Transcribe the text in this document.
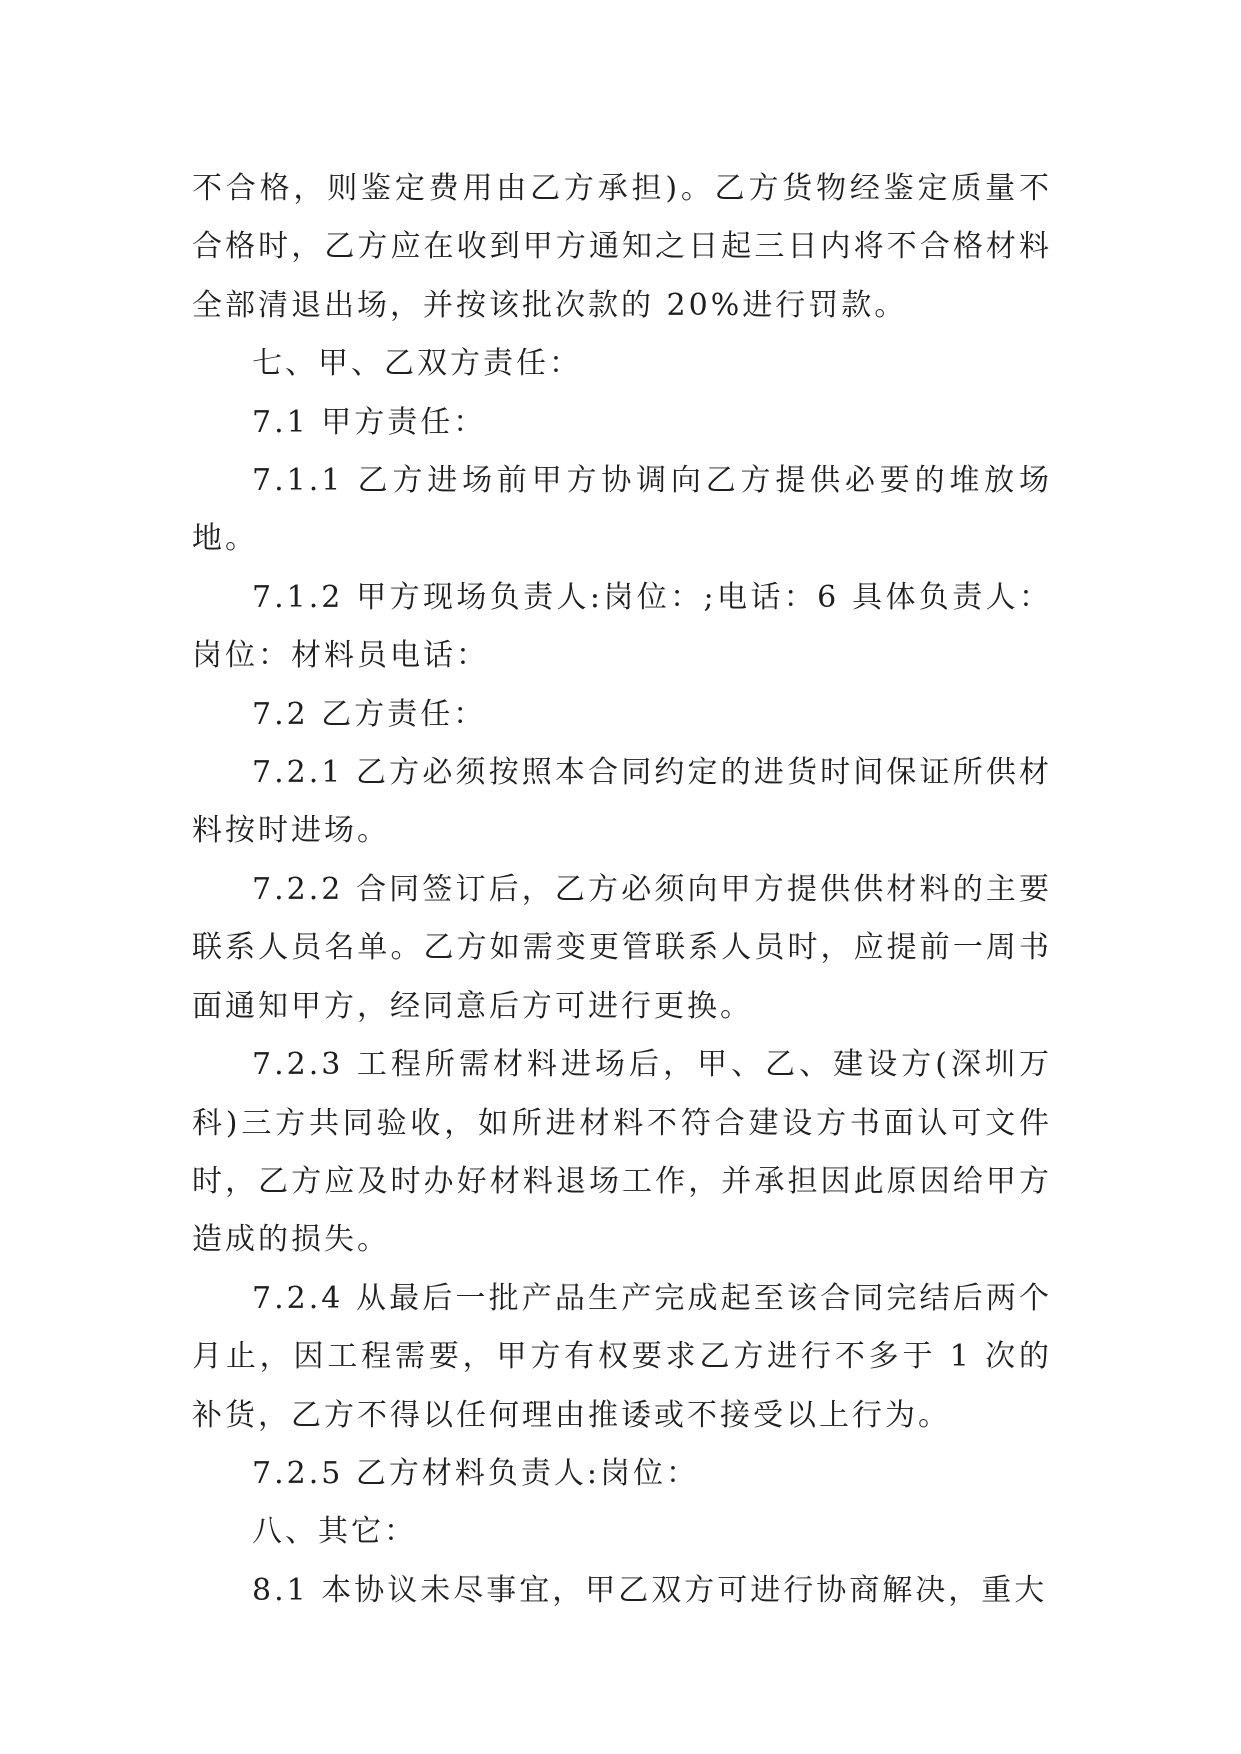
不合格，则鉴定费用由乙方承担)。乙方货物经鉴定质量不合格时，乙方应在收到甲方通知之日起三日内将不合格材料全部清退出场，并按该批次款的 20%进行罚款。

七、甲、乙双方责任：

7.1 甲方责任：

7.1.1 乙方进场前甲方协调向乙方提供必要的堆放场地。

7.1.2 甲方现场负责人:岗位：;电话：6 具体负责人：岗位：材料员电话：

7.2 乙方责任：

7.2.1 乙方必须按照本合同约定的进货时间保证所供材料按时进场。

7.2.2 合同签订后，乙方必须向甲方提供供材料的主要联系人员名单。乙方如需变更管联系人员时，应提前一周书面通知甲方，经同意后方可进行更换。

7.2.3 工程所需材料进场后，甲、乙、建设方(深圳万科)三方共同验收，如所进材料不符合建设方书面认可文件时，乙方应及时办好材料退场工作，并承担因此原因给甲方造成的损失。

7.2.4 从最后一批产品生产完成起至该合同完结后两个月止，因工程需要，甲方有权要求乙方进行不多于 1 次的补货，乙方不得以任何理由推诿或不接受以上行为。

7.2.5 乙方材料负责人:岗位：

八、其它：

8.1 本协议未尽事宜，甲乙双方可进行协商解决，重大
